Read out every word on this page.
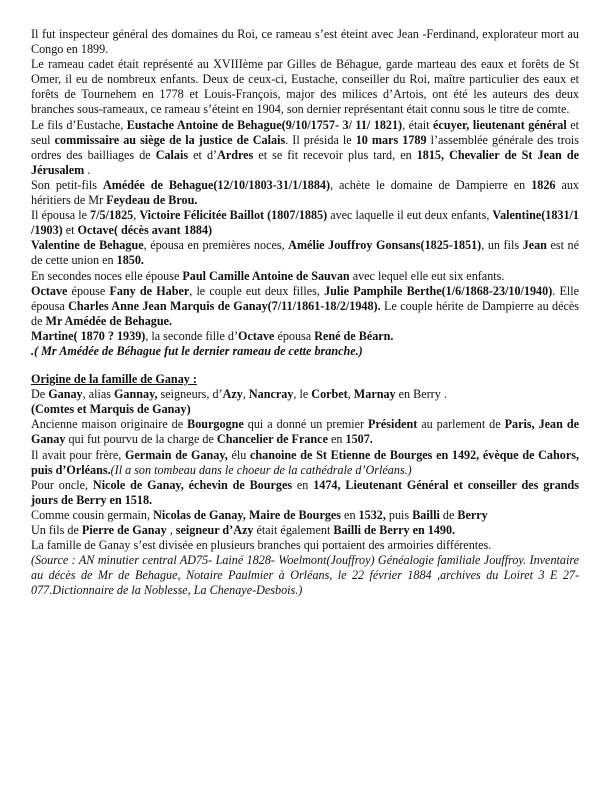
Il fut inspecteur général des domaines du Roi, ce rameau s’est éteint avec Jean -Ferdinand, explorateur mort au Congo en 1899.

Le rameau cadet était représenté au XVIIIème par Gilles de Béhague, garde marteau des eaux et forêts de St Omer, il eu de nombreux enfants. Deux de ceux-ci, Eustache, conseiller du Roi, maître particulier des eaux et forêts de Tournehem en 1778 et Louis-François, major des milices d’Artois, ont été les auteurs des deux branches sous-rameaux, ce rameau s’éteint en 1904, son dernier représentant était connu sous le titre de comte.

Le fils d’Eustache, Eustache Antoine de Behague(9/10/1757- 3/ 11/ 1821), était écuyer, lieutenant général et seul commissaire au siège de la justice de Calais. Il présida le 10 mars 1789 l’assemblée générale des trois ordres des bailliages de Calais et d’Ardres et se fit recevoir plus tard, en 1815, Chevalier de St Jean de Jérusalem .

Son petit-fils Amédée de Behague(12/10/1803-31/1/1884), achète le domaine de Dampierre en 1826 aux héritiers de Mr Feydeau de Brou.

Il épousa le 7/5/1825, Victoire Félicitée Baillot (1807/1885) avec laquelle il eut deux enfants, Valentine(1831/1 /1903) et Octave( décès avant 1884)

Valentine de Behague, épousa en premières noces, Amélie Jouffroy Gonsans(1825-1851), un fils Jean est né de cette union en 1850.

En secondes noces elle épouse Paul Camille Antoine de Sauvan avec lequel elle eut six enfants.

Octave épouse Fany de Haber, le couple eut deux filles, Julie Pamphile Berthe(1/6/1868-23/10/1940). Elle épousa Charles Anne Jean Marquis de Ganay(7/11/1861-18/2/1948). Le couple hérite de Dampierre au décès de Mr Amédée de Behague.

Martine( 1870 ? 1939), la seconde fille d’Octave épousa René de Béarn.

.( Mr Amédée de Béhague fut le dernier rameau de cette branche.)

Origine de la famille de Ganay :

De Ganay, alias Gannay, seigneurs, d’Azy, Nancray, le Corbet, Marnay en Berry .
(Comtes et Marquis de Ganay)

Ancienne maison originaire de Bourgogne qui a donné un premier Président au parlement de Paris, Jean de Ganay qui fut pourvu de la charge de Chancelier de France en 1507.

Il avait pour frère, Germain de Ganay, élu chanoine de St Etienne de Bourges en 1492, évèque de Cahors, puis d’Orléans.(Il a son tombeau dans le choeur de la cathédrale d’Orléans.)

Pour oncle, Nicole de Ganay, échevin de Bourges en 1474, Lieutenant Général et conseiller des grands jours de Berry en 1518.

Comme cousin germain, Nicolas de Ganay, Maire de Bourges en 1532, puis Bailli de Berry

Un fils de Pierre de Ganay , seigneur d’Azy était également Bailli de Berry en 1490.

La famille de Ganay s’est divisée en plusieurs branches qui portaient des armoiries différentes.

(Source : AN minutier central AD75- Lainé 1828- Woelmont(Jouffroy) Généalogie familiale Jouffroy. Inventaire au décès de Mr de Behague, Notaire Paulmier à Orléans, le 22 février 1884 ,archives du Loiret 3 E 27-077.Dictionnaire de la Noblesse, La Chenaye-Desbois.)
